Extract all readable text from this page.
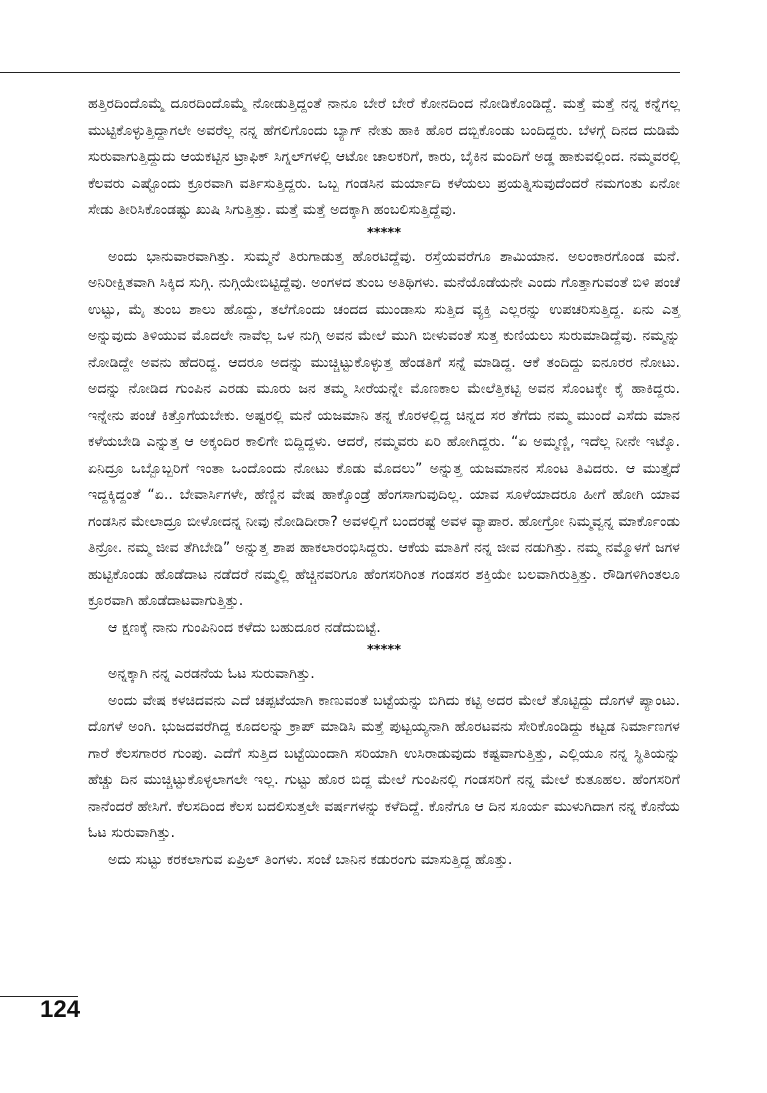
ಹತ್ತಿರದಿಂದೊಮ್ಮೆ ದೂರದಿಂದೊಮ್ಮೆ ನೋಡುತ್ತಿದ್ದಂತೆ ನಾನೂ ಬೇರೆ ಬೇರೆ ಕೋನದಿಂದ ನೋಡಿಕೊಂಡಿದ್ದೆ. ಮತ್ತೆ ಮತ್ತೆ ನನ್ನ ಕನ್ನೆಗಲ್ಲ ಮುಟ್ಟಿಕೊಳ್ಳುತ್ತಿದ್ದಾಗಲೇ ಅವರೆಲ್ಲ ನನ್ನ ಹೆಗಲಿಗೊಂದು ಬ್ಯಾಗ್ ನೇತು ಹಾಕಿ ಹೊರ ದಬ್ಬಿಕೊಂಡು ಬಂದಿದ್ದರು. ಬೆಳಗ್ಗೆ ದಿನದ ದುಡಿಮೆ ಸುರುವಾಗುತ್ತಿದ್ದುದು ಆಯಕಟ್ಟಿನ ಟ್ರಾಫಿಕ್ ಸಿಗ್ನಲ್‌ಗಳಲ್ಲಿ ಆಟೋ ಚಾಲಕರಿಗೆ, ಕಾರು, ಬೈಕಿನ ಮಂದಿಗೆ ಅಡ್ಡ ಹಾಕುವಲ್ಲಿಂದ. ನಮ್ಮವರಲ್ಲಿ ಕೆಲವರು ಎಷ್ಟೊಂದು ಕ್ರೂರವಾಗಿ ವರ್ತಿಸುತ್ತಿದ್ದರು. ಒಬ್ಬ ಗಂಡಸಿನ ಮರ್ಯಾದಿ ಕಳೆಯಲು ಪ್ರಯತ್ನಿಸುವುದೆಂದರೆ ನಮಗಂತು ಏನೋ ಸೇಡು ತೀರಿಸಿಕೊಂಡಷ್ಟು ಖುಷಿ ಸಿಗುತ್ತಿತ್ತು. ಮತ್ತೆ ಮತ್ತೆ ಅದಕ್ಕಾಗಿ ಹಂಬಲಿಸುತ್ತಿದ್ದೆವು.

*****

ಅಂದು ಭಾನುವಾರವಾಗಿತ್ತು. ಸುಮ್ಮನೆ ತಿರುಗಾಡುತ್ತ ಹೊರಟಿದ್ದೆವು. ರಸ್ತೆಯವರೆಗೂ ಶಾಮಿಯಾನ. ಅಲಂಕಾರಗೊಂಡ ಮನೆ. ಅನಿರೀಕ್ಷಿತವಾಗಿ ಸಿಕ್ಕಿದ ಸುಗ್ಗಿ. ನುಗ್ಗಿಯೇಬಿಟ್ಟಿದ್ದೆವು. ಅಂಗಳದ ತುಂಬ ಅತಿಥಿಗಳು. ಮನೆಯೊಡೆಯನೇ ಎಂದು ಗೊತ್ತಾಗುವಂತೆ ಬಿಳಿ ಪಂಚೆ ಉಟ್ಟು, ಮೈ ತುಂಬ ಶಾಲು ಹೊದ್ದು, ತಲೆಗೊಂದು ಚಂದದ ಮುಂಡಾಸು ಸುತ್ತಿದ ವ್ಯಕ್ತಿ ಎಲ್ಲರನ್ನು ಉಪಚರಿಸುತ್ತಿದ್ದ. ಏನು ಎತ್ತ ಅನ್ನುವುದು ತಿಳಿಯುವ ಮೊದಲೇ ನಾವೆಲ್ಲ ಒಳ ನುಗ್ಗಿ ಅವನ ಮೇಲೆ ಮುಗಿ ಬೀಳುವಂತೆ ಸುತ್ತ ಕುಣಿಯಲು ಸುರುಮಾಡಿದ್ದೆವು. ನಮ್ಮನ್ನು ನೋಡಿದ್ದೇ ಅವನು ಹೆದರಿದ್ದ. ಆದರೂ ಅದನ್ನು ಮುಚ್ಚಿಟ್ಟುಕೊಳ್ಳುತ್ತ ಹೆಂಡತಿಗೆ ಸನ್ನೆ ಮಾಡಿದ್ದ. ಆಕೆ ತಂದಿದ್ದು ಐನೂರರ ನೋಟು. ಅದನ್ನು ನೋಡಿದ ಗುಂಪಿನ ಎರಡು ಮೂರು ಜನ ತಮ್ಮ ಸೀರೆಯನ್ನೇ ಮೊಣಕಾಲ ಮೇಲೆತ್ತಿಕಟ್ಟಿ ಅವನ ಸೊಂಟಕ್ಕೇ ಕೈ ಹಾಕಿದ್ದರು. ಇನ್ನೇನು ಪಂಚೆ ಕಿತ್ತೊಗೆಯಬೇಕು. ಅಷ್ಟರಲ್ಲಿ ಮನೆ ಯಜಮಾನಿ ತನ್ನ ಕೊರಳಲ್ಲಿದ್ದ ಚಿನ್ನದ ಸರ ತೆಗೆದು ನಮ್ಮ ಮುಂದೆ ಎಸೆದು ಮಾನ ಕಳೆಯಬೇಡಿ ಎನ್ನುತ್ತ ಆ ಅಕ್ಕಂದಿರ ಕಾಲಿಗೇ ಬಿದ್ದಿದ್ದಳು. ಆದರೆ, ನಮ್ಮವರು ಏರಿ ಹೋಗಿದ್ದರು. “ಏ ಅಮ್ಮಣ್ಣಿ, ಇದೆಲ್ಲ ನೀನೇ ಇಟ್ಕೊ. ಏನಿದ್ರೂ ಒಬ್ಬೊಬ್ಬರಿಗೆ ಇಂತಾ ಒಂದೊಂದು ನೋಟು ಕೊಡು ಮೊದಲು” ಅನ್ನುತ್ತ ಯಜಮಾನನ ಸೊಂಟ ತಿವಿದರು. ಆ ಮುತ್ತೈದೆ ಇದ್ದಕ್ಕಿದ್ದಂತೆ “ಏ.. ಬೇವಾರ್ಸಿಗಳೇ, ಹೆಣ್ಣಿನ ವೇಷ ಹಾಕ್ಕೊಂಡ್ರೆ ಹೆಂಗಸಾಗುವುದಿಲ್ಲ. ಯಾವ ಸೂಳೆಯಾದರೂ ಹೀಗೆ ಹೋಗಿ ಯಾವ ಗಂಡಸಿನ ಮೇಲಾದ್ರೂ ಬೀಳೋದನ್ನ ನೀವು ನೋಡಿದೀರಾ? ಅವಳಲ್ಲಿಗೆ ಬಂದರಷ್ಟೆ ಅವಳ ವ್ಯಾಪಾರ. ಹೋಗ್ರೋ ನಿಮ್ಮವ್ವನ್ನ ಮಾರ್ಕೊಂಡು ತಿನ್ರೋ. ನಮ್ಮ ಜೀವ ತೆಗಿಬೇಡಿ” ಅನ್ನುತ್ತ ಶಾಪ ಹಾಕಲಾರಂಭಿಸಿದ್ದರು. ಆಕೆಯ ಮಾತಿಗೆ ನನ್ನ ಜೀವ ನಡುಗಿತ್ತು. ನಮ್ಮ ನಮ್ಮೊಳಗೆ ಜಗಳ ಹುಟ್ಟಿಕೊಂಡು ಹೊಡೆದಾಟ ನಡೆದರೆ ನಮ್ಮಲ್ಲಿ ಹೆಚ್ಚಿನವರಿಗೂ ಹೆಂಗಸರಿಗಿಂತ ಗಂಡಸರ ಶಕ್ತಿಯೇ ಬಲವಾಗಿರುತ್ತಿತ್ತು. ರೌಡಿಗಳಿಗಿಂತಲೂ ಕ್ರೂರವಾಗಿ ಹೊಡೆದಾಟವಾಗುತ್ತಿತ್ತು.

ಆ ಕ್ಷಣಕ್ಕೆ ನಾನು ಗುಂಪಿನಿಂದ ಕಳೆದು ಬಹುದೂರ ನಡೆದುಬಿಟ್ಟೆ.

*****

ಅನ್ನಕ್ಕಾಗಿ ನನ್ನ ಎರಡನೆಯ ಓಟ ಸುರುವಾಗಿತ್ತು.

ಅಂದು ವೇಷ ಕಳಚಿದವನು ಎದೆ ಚಪ್ಪಟೆಯಾಗಿ ಕಾಣುವಂತೆ ಬಟ್ಟೆಯನ್ನು ಬಿಗಿದು ಕಟ್ಟಿ ಅದರ ಮೇಲೆ ತೊಟ್ಟಿದ್ದು ದೊಗಳೆ ಪ್ಯಾಂಟು. ದೊಗಳೆ ಅಂಗಿ. ಭುಜದವರೆಗಿದ್ದ ಕೂದಲನ್ನು ಕ್ರಾಪ್ ಮಾಡಿಸಿ ಮತ್ತೆ ಪುಟ್ಟಯ್ಯನಾಗಿ ಹೊರಟವನು ಸೇರಿಕೊಂಡಿದ್ದು ಕಟ್ಟಡ ನಿರ್ಮಾಣಗಳ ಗಾರೆ ಕೆಲಸಗಾರರ ಗುಂಪು. ಎದೆಗೆ ಸುತ್ತಿದ ಬಟ್ಟೆಯಿಂದಾಗಿ ಸರಿಯಾಗಿ ಉಸಿರಾಡುವುದು ಕಷ್ಟವಾಗುತ್ತಿತ್ತು, ಎಲ್ಲಿಯೂ ನನ್ನ ಸ್ಥಿತಿಯನ್ನು ಹೆಚ್ಚು ದಿನ ಮುಚ್ಚಿಟ್ಟುಕೊಳ್ಳಲಾಗಲೇ ಇಲ್ಲ. ಗುಟ್ಟು ಹೊರ ಬಿದ್ದ ಮೇಲೆ ಗುಂಪಿನಲ್ಲಿ ಗಂಡಸರಿಗೆ ನನ್ನ ಮೇಲೆ ಕುತೂಹಲ. ಹೆಂಗಸರಿಗೆ ನಾನೆಂದರೆ ಹೇಸಿಗೆ. ಕೆಲಸದಿಂದ ಕೆಲಸ ಬದಲಿಸುತ್ತಲೇ ವರ್ಷಗಳನ್ನು ಕಳೆದಿದ್ದೆ. ಕೊನೆಗೂ ಆ ದಿನ ಸೂರ್ಯ ಮುಳುಗಿದಾಗ ನನ್ನ ಕೊನೆಯ ಓಟ ಸುರುವಾಗಿತ್ತು.

ಅದು ಸುಟ್ಟು ಕರಕಲಾಗುವ ಏಪ್ರಿಲ್ ತಿಂಗಳು. ಸಂಜೆ ಬಾನಿನ ಕಡುರಂಗು ಮಾಸುತ್ತಿದ್ದ ಹೊತ್ತು.

124
